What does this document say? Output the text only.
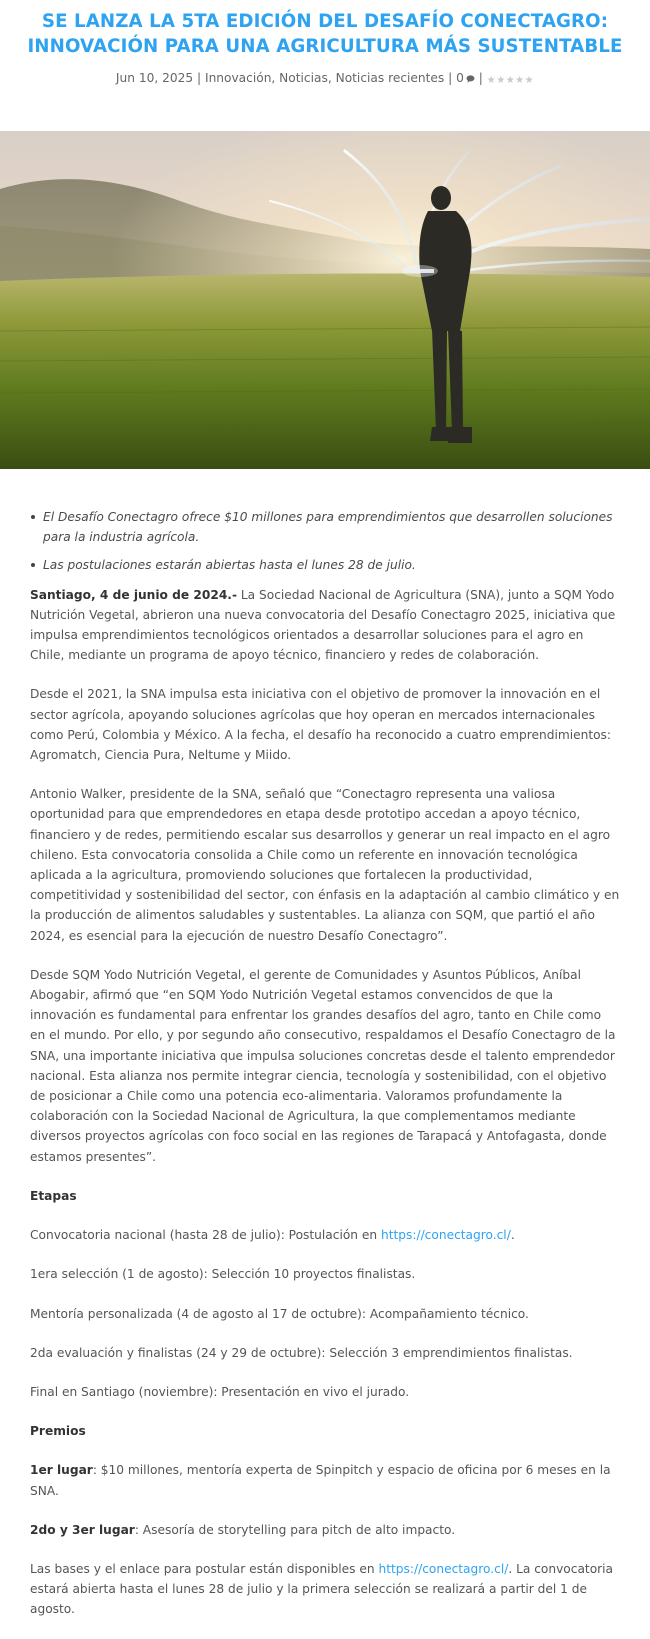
SE LANZA LA 5TA EDICIÓN DEL DESAFÍO CONECTAGRO:
INNOVACIÓN PARA UNA AGRICULTURA MÁS SUSTENTABLE
Jun 10, 2025 | Innovación, Noticias, Noticias recientes | 0 | ★★★★★
El Desafío Conectagro ofrece $10 millones para emprendimientos que desarrollen soluciones para la industria agrícola.
Las postulaciones estarán abiertas hasta el lunes 28 de julio.

Santiago, 4 de junio de 2024.- La Sociedad Nacional de Agricultura (SNA), junto a SQM Yodo Nutrición Vegetal, abrieron una nueva convocatoria del Desafío Conectagro 2025, iniciativa que impulsa emprendimientos tecnológicos orientados a desarrollar soluciones para el agro en Chile, mediante un programa de apoyo técnico, financiero y redes de colaboración.

Desde el 2021, la SNA impulsa esta iniciativa con el objetivo de promover la innovación en el sector agrícola, apoyando soluciones agrícolas que hoy operan en mercados internacionales como Perú, Colombia y México. A la fecha, el desafío ha reconocido a cuatro emprendimientos: Agromatch, Ciencia Pura, Neltume y Miido.

Antonio Walker, presidente de la SNA, señaló que “Conectagro representa una valiosa oportunidad para que emprendedores en etapa desde prototipo accedan a apoyo técnico, financiero y de redes, permitiendo escalar sus desarrollos y generar un real impacto en el agro chileno. Esta convocatoria consolida a Chile como un referente en innovación tecnológica aplicada a la agricultura, promoviendo soluciones que fortalecen la productividad, competitividad y sostenibilidad del sector, con énfasis en la adaptación al cambio climático y en la producción de alimentos saludables y sustentables. La alianza con SQM, que partió el año 2024, es esencial para la ejecución de nuestro Desafío Conectagro”.

Desde SQM Yodo Nutrición Vegetal, el gerente de Comunidades y Asuntos Públicos, Aníbal Abogabir, afirmó que “en SQM Yodo Nutrición Vegetal estamos convencidos de que la innovación es fundamental para enfrentar los grandes desafíos del agro, tanto en Chile como en el mundo. Por ello, y por segundo año consecutivo, respaldamos el Desafío Conectagro de la SNA, una importante iniciativa que impulsa soluciones concretas desde el talento emprendedor nacional. Esta alianza nos permite integrar ciencia, tecnología y sostenibilidad, con el objetivo de posicionar a Chile como una potencia eco-alimentaria. Valoramos profundamente la colaboración con la Sociedad Nacional de Agricultura, la que complementamos mediante diversos proyectos agrícolas con foco social en las regiones de Tarapacá y Antofagasta, donde estamos presentes”.

Etapas

Convocatoria nacional (hasta 28 de julio): Postulación en https://conectagro.cl/.

1era selección (1 de agosto): Selección 10 proyectos finalistas.

Mentoría personalizada (4 de agosto al 17 de octubre): Acompañamiento técnico.

2da evaluación y finalistas (24 y 29 de octubre): Selección 3 emprendimientos finalistas.

Final en Santiago (noviembre): Presentación en vivo el jurado.

Premios

1er lugar: $10 millones, mentoría experta de Spinpitch y espacio de oficina por 6 meses en la SNA.

2do y 3er lugar: Asesoría de storytelling para pitch de alto impacto.

Las bases y el enlace para postular están disponibles en https://conectagro.cl/. La convocatoria estará abierta hasta el lunes 28 de julio y la primera selección se realizará a partir del 1 de agosto.
